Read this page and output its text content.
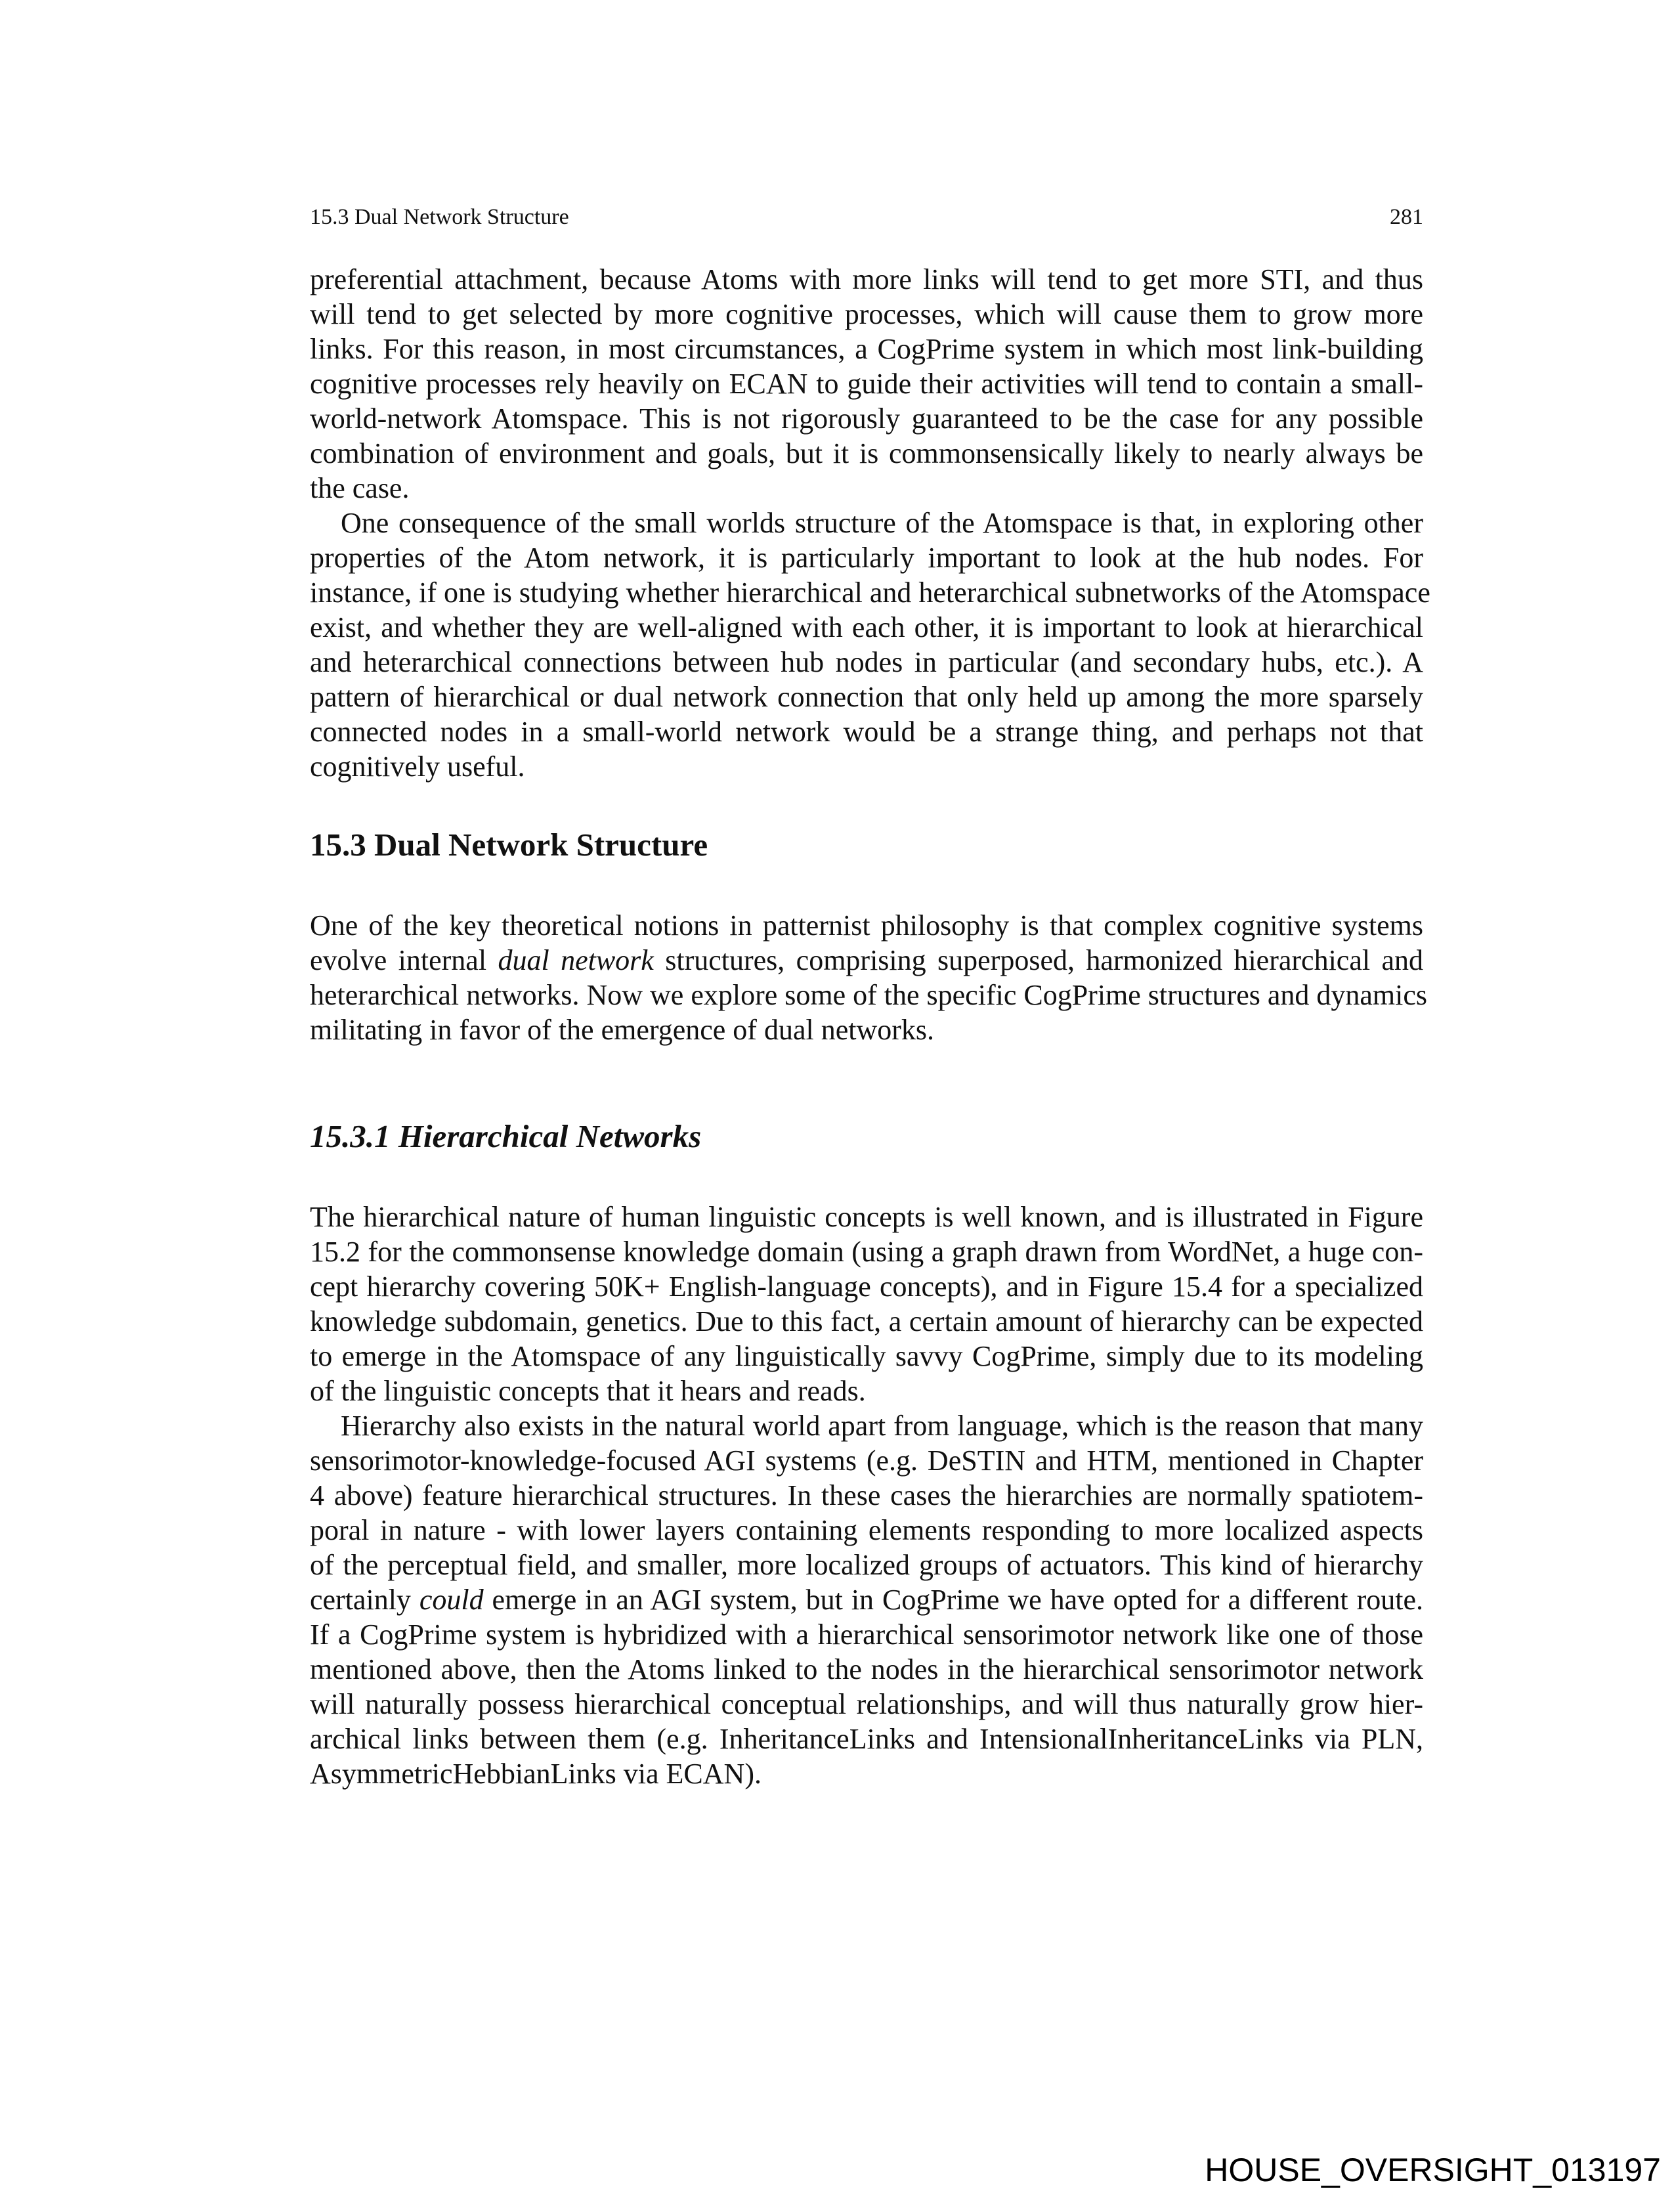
15.3 Dual Network Structure	281
preferential attachment, because Atoms with more links will tend to get more STI, and thus
will tend to get selected by more cognitive processes, which will cause them to grow more
links. For this reason, in most circumstances, a CogPrime system in which most link-building
cognitive processes rely heavily on ECAN to guide their activities will tend to contain a small-
world-network Atomspace. This is not rigorously guaranteed to be the case for any possible
combination of environment and goals, but it is commonsensically likely to nearly always be
the case.
One consequence of the small worlds structure of the Atomspace is that, in exploring other
properties of the Atom network, it is particularly important to look at the hub nodes. For
instance, if one is studying whether hierarchical and heterarchical subnetworks of the Atomspace
exist, and whether they are well-aligned with each other, it is important to look at hierarchical
and heterarchical connections between hub nodes in particular (and secondary hubs, etc.). A
pattern of hierarchical or dual network connection that only held up among the more sparsely
connected nodes in a small-world network would be a strange thing, and perhaps not that
cognitively useful.
15.3 Dual Network Structure
One of the key theoretical notions in patternist philosophy is that complex cognitive systems
evolve internal dual network structures, comprising superposed, harmonized hierarchical and
heterarchical networks. Now we explore some of the specific CogPrime structures and dynamics
militating in favor of the emergence of dual networks.
15.3.1 Hierarchical Networks
The hierarchical nature of human linguistic concepts is well known, and is illustrated in Figure
15.2 for the commonsense knowledge domain (using a graph drawn from WordNet, a huge con-
cept hierarchy covering 50K+ English-language concepts), and in Figure 15.4 for a specialized
knowledge subdomain, genetics. Due to this fact, a certain amount of hierarchy can be expected
to emerge in the Atomspace of any linguistically savvy CogPrime, simply due to its modeling
of the linguistic concepts that it hears and reads.
Hierarchy also exists in the natural world apart from language, which is the reason that many
sensorimotor-knowledge-focused AGI systems (e.g. DeSTIN and HTM, mentioned in Chapter
4 above) feature hierarchical structures. In these cases the hierarchies are normally spatiotem-
poral in nature - with lower layers containing elements responding to more localized aspects
of the perceptual field, and smaller, more localized groups of actuators. This kind of hierarchy
certainly could emerge in an AGI system, but in CogPrime we have opted for a different route.
If a CogPrime system is hybridized with a hierarchical sensorimotor network like one of those
mentioned above, then the Atoms linked to the nodes in the hierarchical sensorimotor network
will naturally possess hierarchical conceptual relationships, and will thus naturally grow hier-
archical links between them (e.g. InheritanceLinks and IntensionalInheritanceLinks via PLN,
AsymmetricHebbianLinks via ECAN).
HOUSE_OVERSIGHT_013197
